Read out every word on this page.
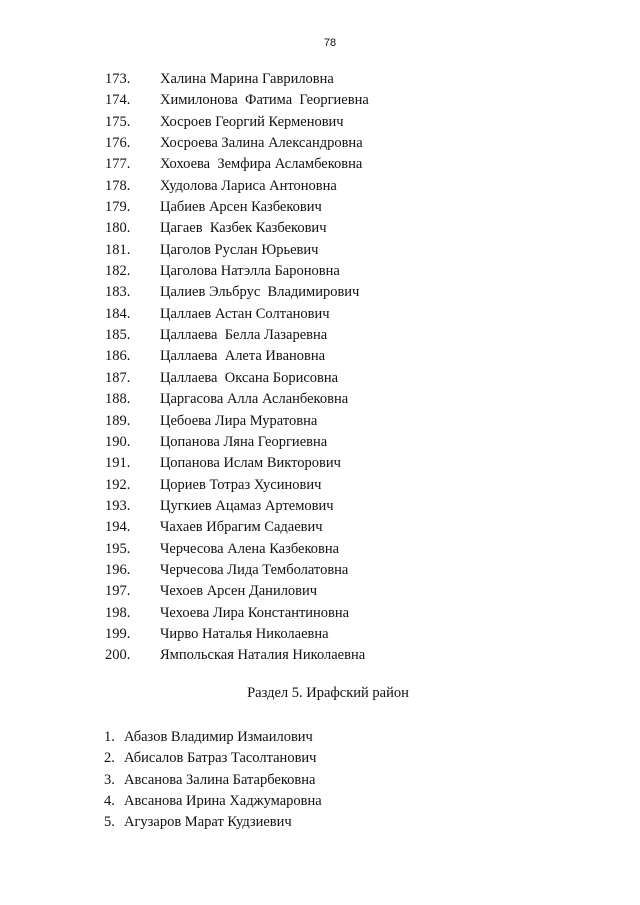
78
173. Халина Марина Гавриловна
174. Химилонова  Фатима  Георгиевна
175. Хосроев Георгий Керменович
176. Хосроева Залина Александровна
177. Хохоева  Земфира Асламбековна
178. Худолова Лариса Антоновна
179. Цабиев Арсен Казбекович
180. Цагаев  Казбек Казбекович
181. Цаголов Руслан Юрьевич
182. Цаголова Натэлла Бароновна
183. Цалиев Эльбрус  Владимирович
184. Цаллаев Астан Солтанович
185. Цаллаева  Белла Лазаревна
186. Цаллаева  Алета Ивановна
187. Цаллаева  Оксана Борисовна
188. Царгасова Алла Асланбековна
189. Цебоева Лира Муратовна
190. Цопанова Ляна Георгиевна
191. Цопанова Ислам Викторович
192. Цориев Тотраз Хусинович
193. Цугкиев Ацамаз Артемович
194. Чахаев Ибрагим Садаевич
195. Черчесова Алена Казбековна
196. Черчесова Лида Темболатовна
197. Чехоев Арсен Данилович
198. Чехоева Лира Константиновна
199. Чирво Наталья Николаевна
200. Ямпольская Наталия Николаевна
Раздел 5. Ирафский район
1. Абазов Владимир Измаилович
2. Абисалов Батраз Тасолтанович
3. Авсанова Залина Батарбековна
4. Авсанова Ирина Хаджумаровна
5. Агузаров Марат Кудзиевич
